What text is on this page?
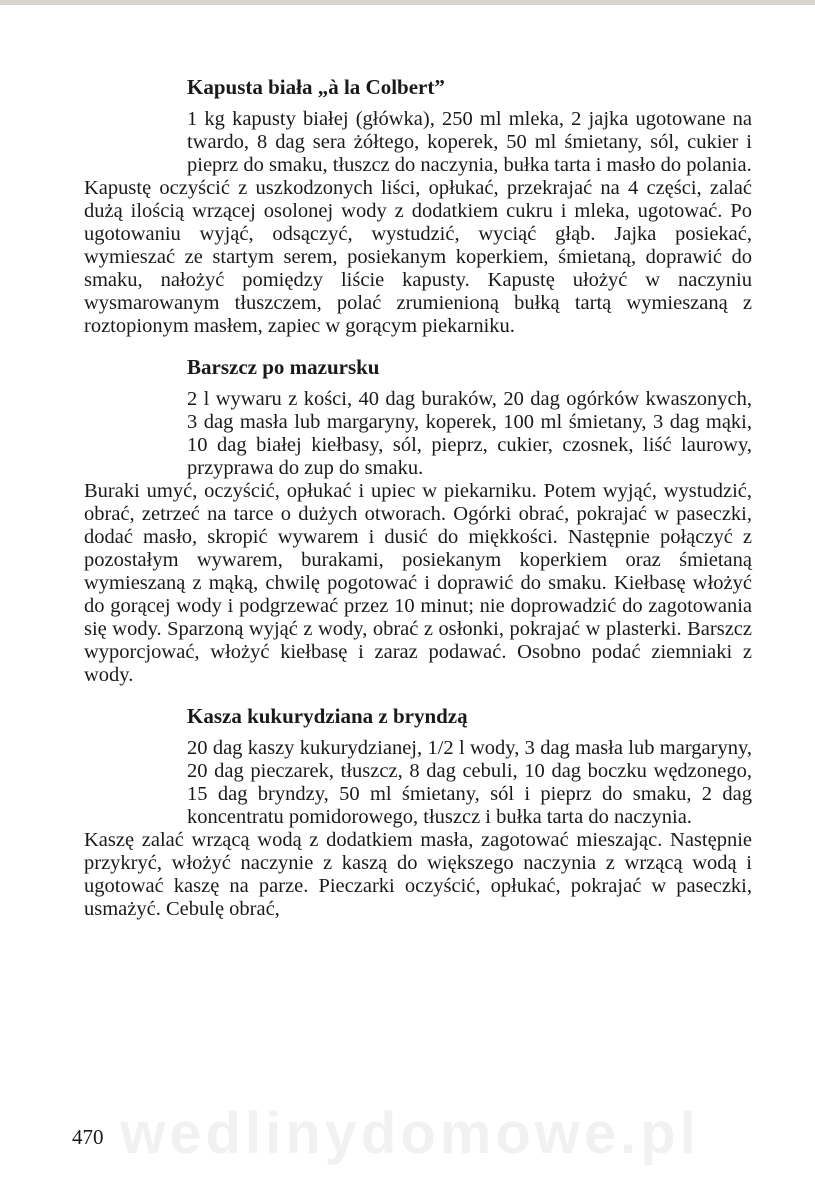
Kapusta biała „à la Colbert”

1 kg kapusty białej (główka), 250 ml mleka, 2 jajka ugotowane na twardo, 8 dag sera żółtego, koperek, 50 ml śmietany, sól, cukier i pieprz do smaku, tłuszcz do naczynia, bułka tarta i masło do polania.

Kapustę oczyścić z uszkodzonych liści, opłukać, przekrajać na 4 części, zalać dużą ilością wrzącej osolonej wody z dodatkiem cukru i mleka, ugotować. Po ugotowaniu wyjąć, odsączyć, wystudzić, wyciąć głąb. Jajka posiekać, wymieszać ze startym serem, posiekanym koperkiem, śmietaną, doprawić do smaku, nałożyć pomiędzy liście kapusty. Kapustę ułożyć w naczyniu wysmarowanym tłuszczem, polać zrumienioną bułką tartą wymieszaną z roztopionym masłem, zapiec w gorącym piekarniku.

Barszcz po mazursku

2 l wywaru z kości, 40 dag buraków, 20 dag ogórków kwaszonych, 3 dag masła lub margaryny, koperek, 100 ml śmietany, 3 dag mąki, 10 dag białej kiełbasy, sól, pieprz, cukier, czosnek, liść laurowy, przyprawa do zup do smaku.

Buraki umyć, oczyścić, opłukać i upiec w piekarniku. Potem wyjąć, wystudzić, obrać, zetrzeć na tarce o dużych otworach. Ogórki obrać, pokrajać w paseczki, dodać masło, skropić wywarem i dusić do miękkości. Następnie połączyć z pozostałym wywarem, burakami, posiekanym koperkiem oraz śmietaną wymieszaną z mąką, chwilę pogotować i doprawić do smaku. Kiełbasę włożyć do gorącej wody i podgrzewać przez 10 minut; nie doprowadzić do zagotowania się wody. Sparzoną wyjąć z wody, obrać z osłonki, pokrajać w plasterki. Barszcz wyporcjować, włożyć kiełbasę i zaraz podawać. Osobno podać ziemniaki z wody.

Kasza kukurydziana z bryndzą

20 dag kaszy kukurydzianej, 1/2 l wody, 3 dag masła lub margaryny, 20 dag pieczarek, tłuszcz, 8 dag cebuli, 10 dag boczku wędzonego, 15 dag bryndzy, 50 ml śmietany, sól i pieprz do smaku, 2 dag koncentratu pomidorowego, tłuszcz i bułka tarta do naczynia.

Kaszę zalać wrzącą wodą z dodatkiem masła, zagotować mieszając. Następnie przykryć, włożyć naczynie z kaszą do większego naczynia z wrzącą wodą i ugotować kaszę na parze. Pieczarki oczyścić, opłukać, pokrajać w paseczki, usmażyć. Cebulę obrać,

wedlinydomowe.pl
470
